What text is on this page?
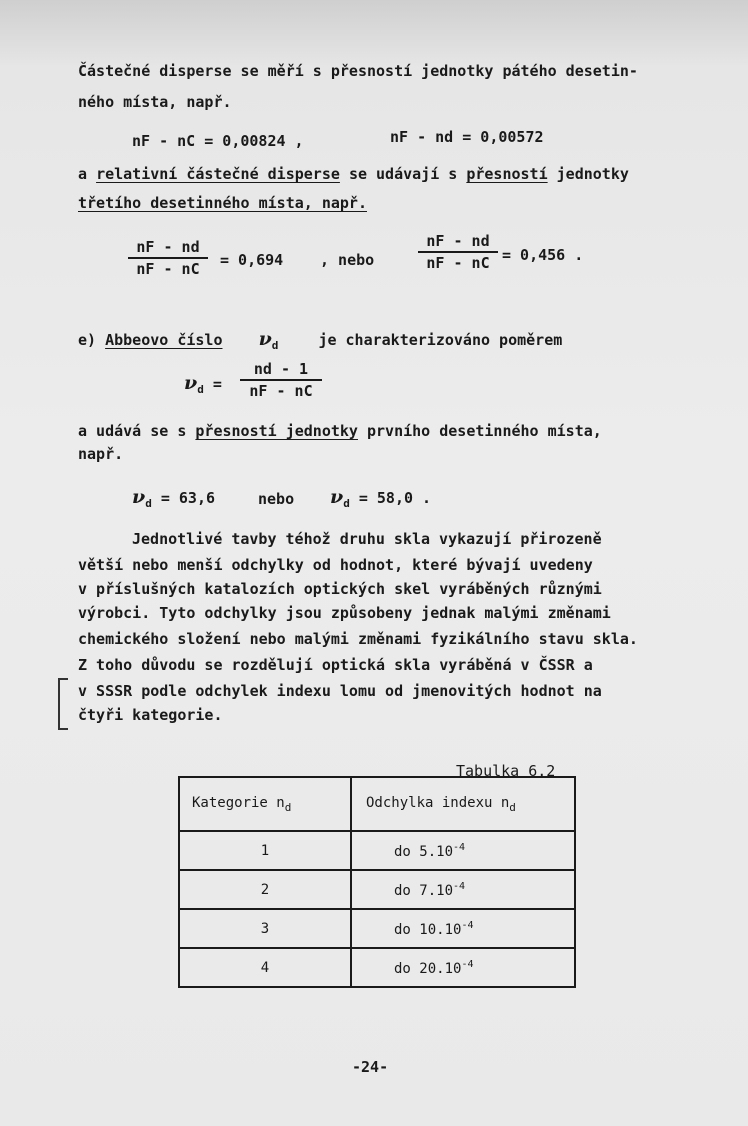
Částečné disperse se měří s přesností jednotky pátého desetin-
ného místa, např.
nF - nC = 0,00824 ,	nF - nd = 0,00572
a relativní částečné disperse se udávají s přesností jednotky
třetího desetinného místa, např.
nF - nd
nF - nC	= 0,694 , nebo
nF - nd
nF - nC = 0,456 .
e) Abbeovo číslo $\nu_d$	je charakterizováno poměrem
$\nu_d$ =
nd - 1
nF - nC
a udává se s přesností jednotky prvního desetinného místa,
např.
$\nu_d = 63,6$	nebo $\nu_d = 58,0$ .
Jednotlivé tavby téhož druhu skla vykazují přirozeně
větší nebo menší odchylky od hodnot, které bývají uvedeny
v příslušných katalozích optických skel vyráběných různými
výrobci. Tyto odchylky jsou způsobeny jednak malými změnami
chemického složení nebo malými změnami fyzikálního stavu skla.
Z toho důvodu se rozdělují optická skla vyráběná v ČSSR a
v SSSR podle odchylek indexu lomu od jmenovitých hodnot na
čtyři kategorie.
Tabulka 6.2
Kategorie $n_d$	Odchylka indexu $n_d$
1	do $5.10^{-4}$
2	do $7.10^{-4}$
3	do $10.10^{-4}$
4	do $20.10^{-4}$
-24-
